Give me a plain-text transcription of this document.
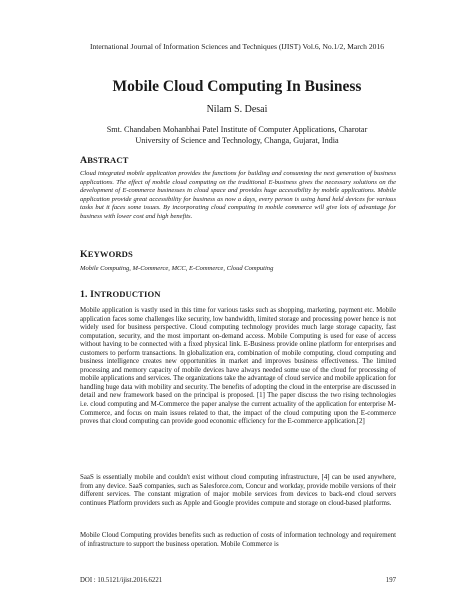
International Journal of Information Sciences and Techniques (IJIST) Vol.6, No.1/2, March 2016
Mobile Cloud Computing In Business
Nilam S. Desai
Smt. Chandaben Mohanbhai Patel Institute of Computer Applications, Charotar
University of Science and Technology, Changa, Gujarat, India
ABSTRACT
Cloud integrated mobile application provides the functions for building and consuming the next generation of business applications. The effect of mobile cloud computing on the traditional E-business gives the necessary solutions on the development of E-commerce businesses in cloud space and provides huge accessibility by mobile applications. Mobile application provide great accessibility for business as now a days, every person is using hand held devices for various tasks but it faces some issues. By incorporating cloud computing in mobile commerce will give lots of advantage for business with lower cost and high benefits.
KEYWORDS
Mobile Computing, M-Commerce, MCC, E-Commerce, Cloud Computing
1. INTRODUCTION
Mobile application is vastly used in this time for various tasks such as shopping, marketing, payment etc. Mobile application faces some challenges like security, low bandwidth, limited storage and processing power hence is not widely used for business perspective. Cloud computing technology provides much large storage capacity, fast computation, security, and the most important on-demand access. Mobile Computing is used for ease of access without having to be connected with a fixed physical link. E-Business provide online platform for enterprises and customers to perform transactions. In globalization era, combination of mobile computing, cloud computing and business intelligence creates new opportunities in market and improves business effectiveness. The limited processing and memory capacity of mobile devices have always needed some use of the cloud for processing of mobile applications and services. The organizations take the advantage of cloud service and mobile application for handling huge data with mobility and security. The benefits of adopting the cloud in the enterprise are discussed in detail and new framework based on the principal is proposed. [1] The paper discuss the two rising technologies i.e. cloud computing and M-Commerce the paper analyse the current actuality of the application for enterprise M-Commerce, and focus on main issues related to that, the impact of the cloud computing upon the E-commerce proves that cloud computing can provide good economic efficiency for the E-commerce application.[2]
SaaS is essentially mobile and couldn't exist without cloud computing infrastructure, [4] can be used anywhere, from any device. SaaS companies, such as Salesforce.com, Concur and workday, provide mobile versions of their different services. The constant migration of major mobile services from devices to back-end cloud servers continues Platform providers such as Apple and Google provides compute and storage on cloud-based platforms.
Mobile Cloud Computing provides benefits such as reduction of costs of information technology and requirement of infrastructure to support the business operation. Mobile Commerce is
DOI : 10.5121/ijist.2016.6221	197
